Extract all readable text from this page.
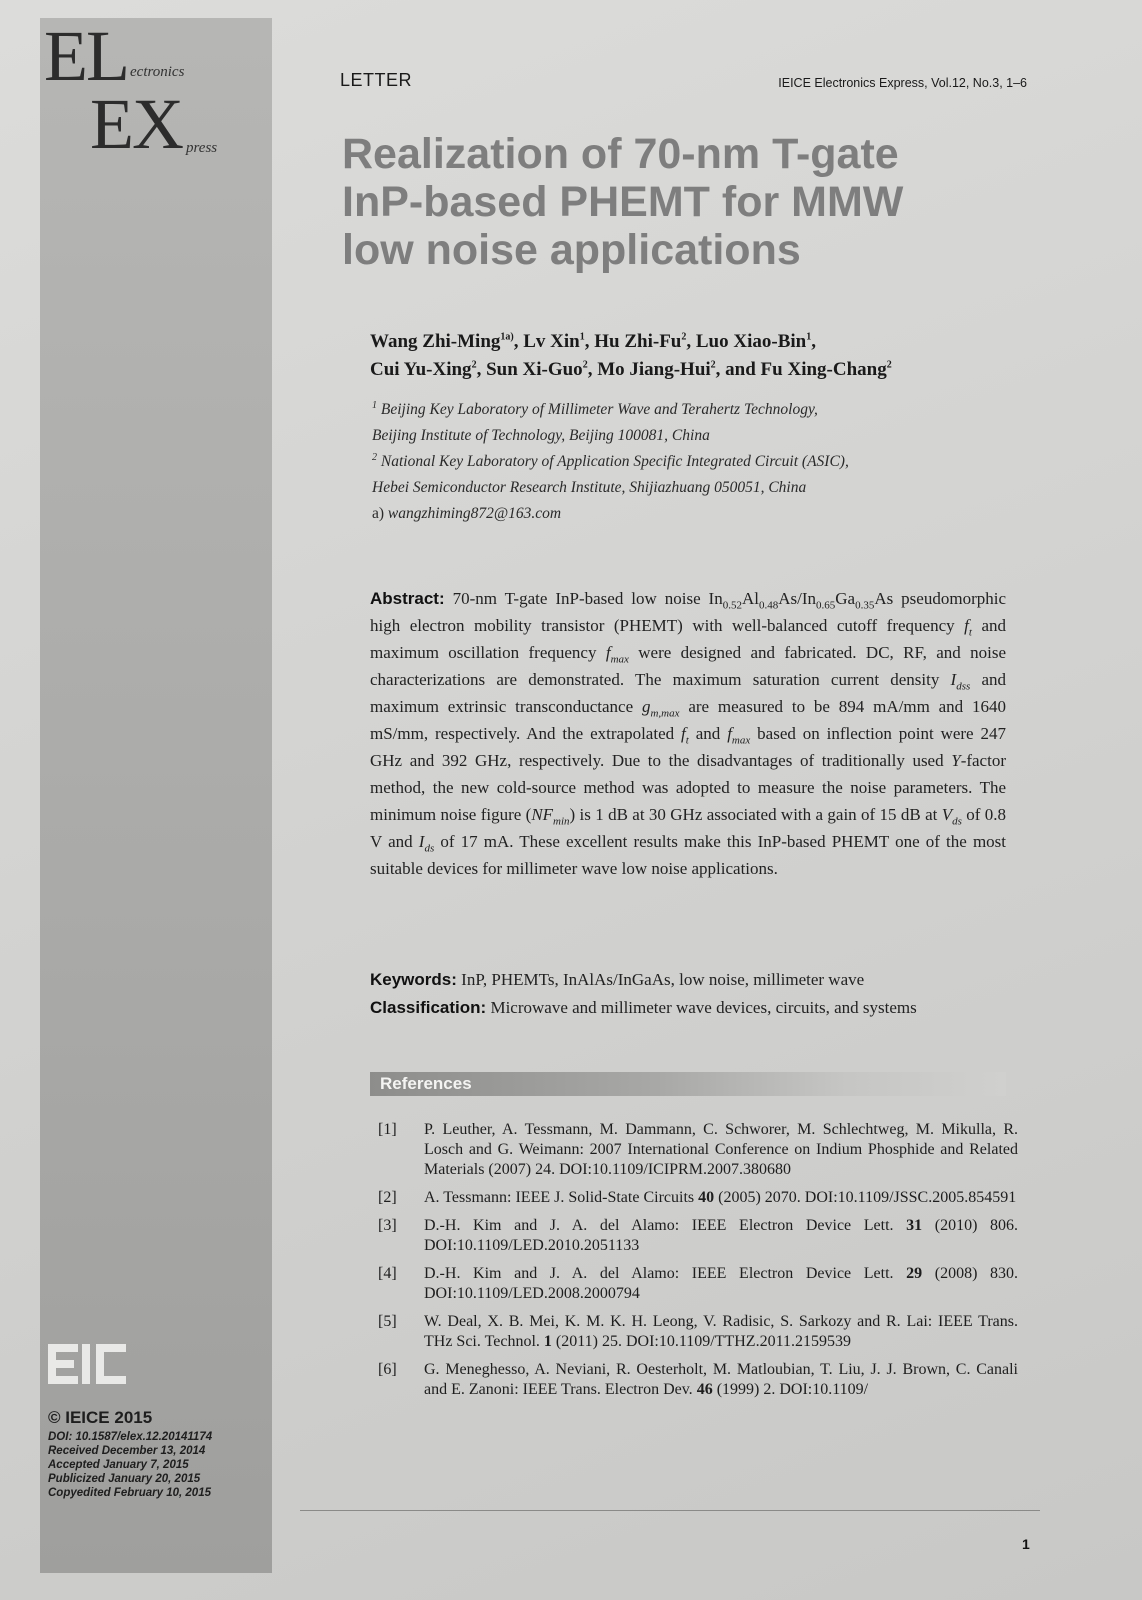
EL ectronics
EX press
© IEICE 2015
DOI: 10.1587/elex.12.20141174
Received December 13, 2014
Accepted January 7, 2015
Publicized January 20, 2015
Copyedited February 10, 2015
LETTER	IEICE Electronics Express, Vol.12, No.3, 1–6
Realization of 70-nm T-gate
InP-based PHEMT for MMW
low noise applications
Wang Zhi-Ming$^{1a)}$, Lv Xin$^1$, Hu Zhi-Fu$^2$, Luo Xiao-Bin$^1$,
Cui Yu-Xing$^2$, Sun Xi-Guo$^2$, Mo Jiang-Hui$^2$, and Fu Xing-Chang$^2$
$^1$ Beijing Key Laboratory of Millimeter Wave and Terahertz Technology,
Beijing Institute of Technology, Beijing 100081, China
$^2$ National Key Laboratory of Application Specific Integrated Circuit (ASIC),
Hebei Semiconductor Research Institute, Shijiazhuang 050051, China
a) wangzhiming872@163.com
Abstract: 70-nm T-gate InP-based low noise $In_{0.52}Al_{0.48}As/In_{0.65}Ga_{0.35}As$ pseudomorphic high electron mobility transistor (PHEMT) with well-balanced cutoff frequency $f_t$ and maximum oscillation frequency $f_{max}$ were designed and fabricated. DC, RF, and noise characterizations are demonstrated. The maximum saturation current density $I_{dss}$ and maximum extrinsic transconductance $g_{m,max}$ are measured to be 894 mA/mm and 1640 mS/mm, respectively. And the extrapolated $f_t$ and $f_{max}$ based on inflection point were 247 GHz and 392 GHz, respectively. Due to the disadvantages of traditionally used Y-factor method, the new cold-source method was adopted to measure the noise parameters. The minimum noise figure $(NF_{min})$ is 1 dB at 30 GHz associated with a gain of 15 dB at $V_{ds}$ of 0.8 V and $I_{ds}$ of 17 mA. These excellent results make this InP-based PHEMT one of the most suitable devices for millimeter wave low noise applications.
Keywords: InP, PHEMTs, InAlAs/InGaAs, low noise, millimeter wave
Classification: Microwave and millimeter wave devices, circuits, and systems
References
[1]	P. Leuther, A. Tessmann, M. Dammann, C. Schworer, M. Schlechtweg, M. Mikulla, R. Losch and G. Weimann: 2007 International Conference on Indium Phosphide and Related Materials (2007) 24. DOI:10.1109/ICIPRM.2007.380680
[2]	A. Tessmann: IEEE J. Solid-State Circuits 40 (2005) 2070. DOI:10.1109/JSSC.2005.854591
[3]	D.-H. Kim and J. A. del Alamo: IEEE Electron Device Lett. 31 (2010) 806. DOI:10.1109/LED.2010.2051133
[4]	D.-H. Kim and J. A. del Alamo: IEEE Electron Device Lett. 29 (2008) 830. DOI:10.1109/LED.2008.2000794
[5]	W. Deal, X. B. Mei, K. M. K. H. Leong, V. Radisic, S. Sarkozy and R. Lai: IEEE Trans. THz Sci. Technol. 1 (2011) 25. DOI:10.1109/TTHZ.2011.2159539
[6]	G. Meneghesso, A. Neviani, R. Oesterholt, M. Matloubian, T. Liu, J. J. Brown, C. Canali and E. Zanoni: IEEE Trans. Electron Dev. 46 (1999) 2. DOI:10.1109/
1
